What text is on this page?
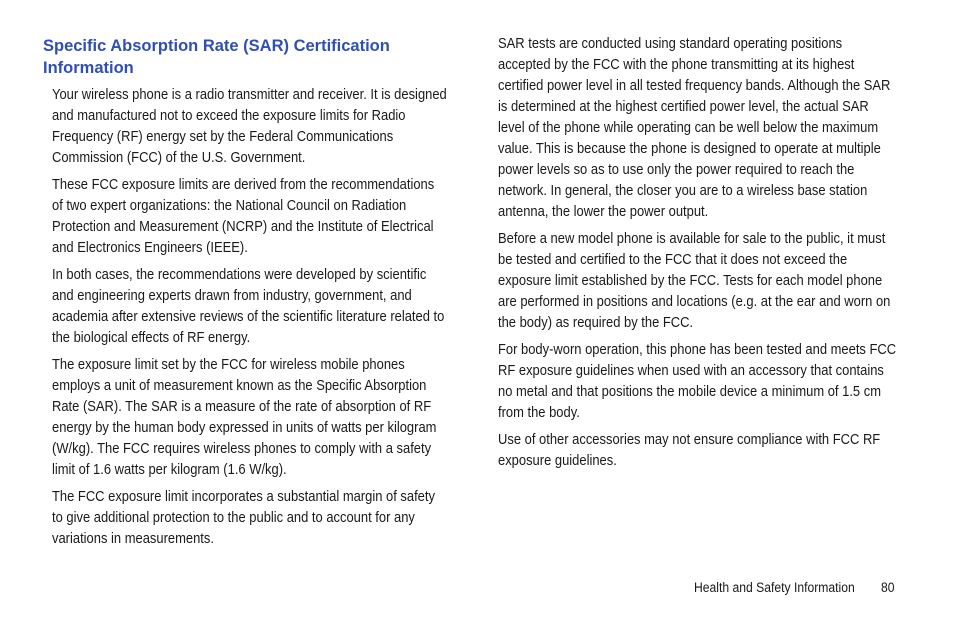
Specific Absorption Rate (SAR) Certification Information

Your wireless phone is a radio transmitter and receiver. It is designed and manufactured not to exceed the exposure limits for Radio Frequency (RF) energy set by the Federal Communications Commission (FCC) of the U.S. Government.

These FCC exposure limits are derived from the recommendations of two expert organizations: the National Council on Radiation Protection and Measurement (NCRP) and the Institute of Electrical and Electronics Engineers (IEEE).

In both cases, the recommendations were developed by scientific and engineering experts drawn from industry, government, and academia after extensive reviews of the scientific literature related to the biological effects of RF energy.

The exposure limit set by the FCC for wireless mobile phones employs a unit of measurement known as the Specific Absorption Rate (SAR). The SAR is a measure of the rate of absorption of RF energy by the human body expressed in units of watts per kilogram (W/kg). The FCC requires wireless phones to comply with a safety limit of 1.6 watts per kilogram (1.6 W/kg).

The FCC exposure limit incorporates a substantial margin of safety to give additional protection to the public and to account for any variations in measurements.

SAR tests are conducted using standard operating positions accepted by the FCC with the phone transmitting at its highest certified power level in all tested frequency bands. Although the SAR is determined at the highest certified power level, the actual SAR level of the phone while operating can be well below the maximum value. This is because the phone is designed to operate at multiple power levels so as to use only the power required to reach the network. In general, the closer you are to a wireless base station antenna, the lower the power output.

Before a new model phone is available for sale to the public, it must be tested and certified to the FCC that it does not exceed the exposure limit established by the FCC. Tests for each model phone are performed in positions and locations (e.g. at the ear and worn on the body) as required by the FCC.

For body-worn operation, this phone has been tested and meets FCC RF exposure guidelines when used with an accessory that contains no metal and that positions the mobile device a minimum of 1.5 cm from the body.

Use of other accessories may not ensure compliance with FCC RF exposure guidelines.

Health and Safety Information 80
